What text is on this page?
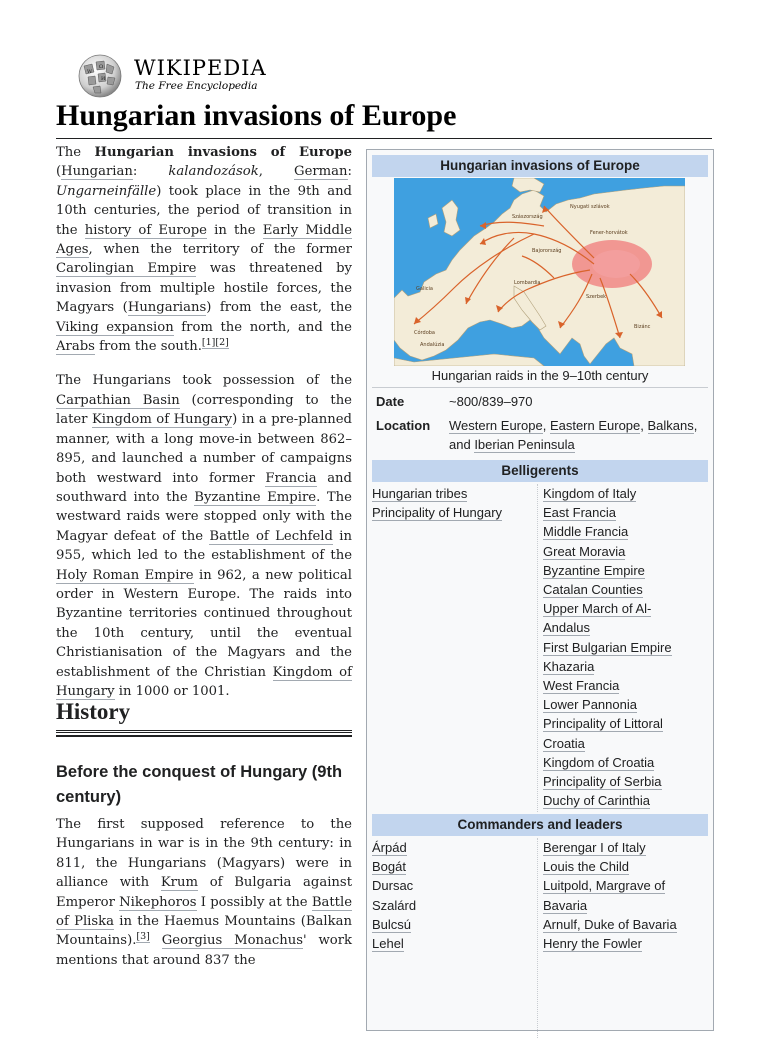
W
Ω
И WIKIPEDIA
The Free Encyclopedia
Hungarian invasions of Europe

The Hungarian invasions of Europe (Hungarian: kalandozások, German: Ungarneinfälle) took place in the 9th and 10th centuries, the period of transition in the history of Europe in the Early Middle Ages, when the territory of the former Carolingian Empire was threatened by invasion from multiple hostile forces, the Magyars (Hungarians) from the east, the Viking expansion from the north, and the Arabs from the south.[1][2]

The Hungarians took possession of the Carpathian Basin (corresponding to the later Kingdom of Hungary) in a pre-planned manner, with a long move-in between 862–895, and launched a number of campaigns both westward into former Francia and southward into the Byzantine Empire. The westward raids were stopped only with the Magyar defeat of the Battle of Lechfeld in 955, which led to the establishment of the Holy Roman Empire in 962, a new political order in Western Europe. The raids into Byzantine territories continued throughout the 10th century, until the eventual Christianisation of the Magyars and the establishment of the Christian Kingdom of Hungary in 1000 or 1001.

History
Before the conquest of Hungary (9th century)

The first supposed reference to the Hungarians in war is in the 9th century: in 811, the Hungarians (Magyars) were in alliance with Krum of Bulgaria against Emperor Nikephoros I possibly at the Battle of Pliska in the Haemus Mountains (Balkan Mountains).[3] Georgius Monachus' work mentions that around 837 the

Hungarian invasions of Europe
Galicia
Andalúzia
Córdoba
Lombardia
Bajorország
Fener-horvátok
Nyugati szlávok
Szerbek
Bizánc
Szászország
Hungarian raids in the 9–10th century
Date	~800/839–970
Location Western Europe, Eastern Europe, Balkans, and Iberian Peninsula
Belligerents
Hungarian tribes
Principality of Hungary
Kingdom of Italy
East Francia
Middle Francia
Great Moravia
Byzantine Empire
Catalan Counties
Upper March of Al-
Andalus
First Bulgarian Empire
Khazaria
West Francia
Lower Pannonia
Principality of Littoral
Croatia
Kingdom of Croatia
Principality of Serbia
Duchy of Carinthia
Commanders and leaders
Árpád
Bogát
Dursac
Szalárd
Bulcsú
Lehel
Berengar I of Italy
Louis the Child
Luitpold, Margrave of
Bavaria
Arnulf, Duke of Bavaria
Henry the Fowler
